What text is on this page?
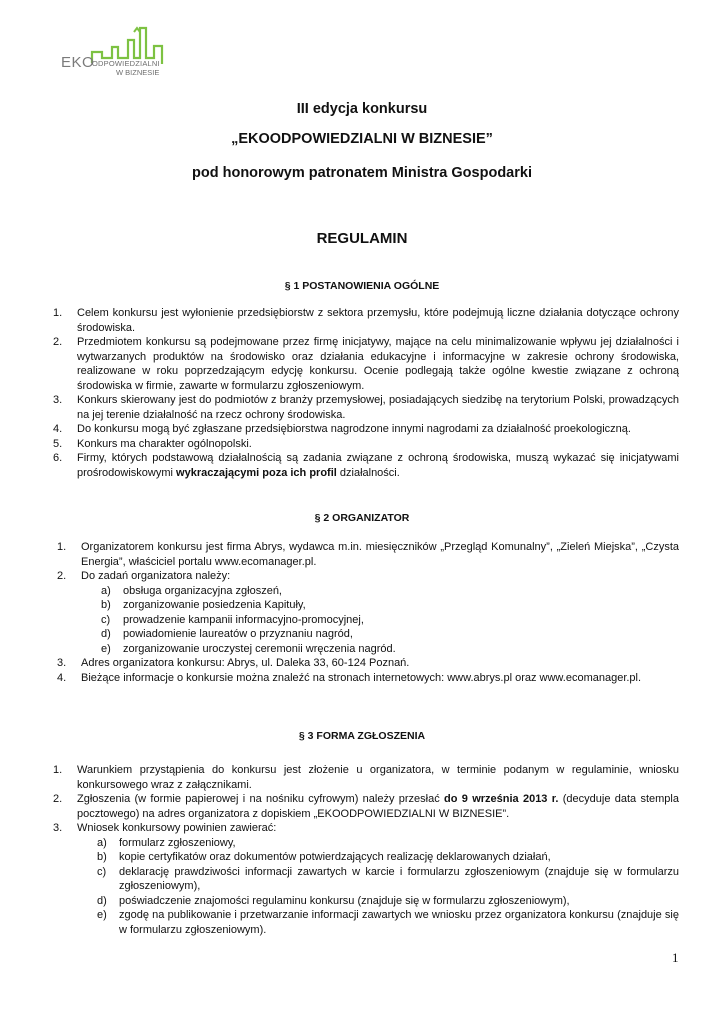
EKO
ODPOWIEDZIALNI
W BIZNESIE
III edycja konkursu
„EKOODPOWIEDZIALNI W BIZNESIE”
pod honorowym patronatem Ministra Gospodarki
REGULAMIN
§ 1 POSTANOWIENIA OGÓLNE
1. Celem konkursu jest wyłonienie przedsiębiorstw z sektora przemysłu, które podejmują liczne działania dotyczące ochrony środowiska.
2. Przedmiotem konkursu są podejmowane przez firmę inicjatywy, mające na celu minimalizowanie wpływu jej działalności i wytwarzanych produktów na środowisko oraz działania edukacyjne i informacyjne w zakresie ochrony środowiska, realizowane w roku poprzedzającym edycję konkursu. Ocenie podlegają także ogólne kwestie związane z ochroną środowiska w firmie, zawarte w formularzu zgłoszeniowym.
3. Konkurs skierowany jest do podmiotów z branży przemysłowej, posiadających siedzibę na terytorium Polski, prowadzących na jej terenie działalność na rzecz ochrony środowiska.
4. Do konkursu mogą być zgłaszane przedsiębiorstwa nagrodzone innymi nagrodami za działalność proekologiczną.
5. Konkurs ma charakter ogólnopolski.
6. Firmy, których podstawową działalnością są zadania związane z ochroną środowiska, muszą wykazać się inicjatywami prośrodowiskowymi wykraczającymi poza ich profil działalności.
§ 2 ORGANIZATOR
1. Organizatorem konkursu jest firma Abrys, wydawca m.in. miesięczników „Przegląd Komunalny”, „Zieleń Miejska”, „Czysta Energia”, właściciel portalu www.ecomanager.pl.
2. Do zadań organizatora należy:
a) obsługa organizacyjna zgłoszeń,
b) zorganizowanie posiedzenia Kapituły,
c) prowadzenie kampanii informacyjno-promocyjnej,
d) powiadomienie laureatów o przyznaniu nagród,
e) zorganizowanie uroczystej ceremonii wręczenia nagród.
3. Adres organizatora konkursu: Abrys, ul. Daleka 33, 60-124 Poznań.
4. Bieżące informacje o konkursie można znaleźć na stronach internetowych: www.abrys.pl oraz www.ecomanager.pl.
§ 3 FORMA ZGŁOSZENIA
1. Warunkiem przystąpienia do konkursu jest złożenie u organizatora, w terminie podanym w regulaminie, wniosku konkursowego wraz z załącznikami.
2. Zgłoszenia (w formie papierowej i na nośniku cyfrowym) należy przesłać do 9 września 2013 r. (decyduje data stempla pocztowego) na adres organizatora z dopiskiem „EKOODPOWIEDZIALNI W BIZNESIE”.
3. Wniosek konkursowy powinien zawierać:
a) formularz zgłoszeniowy,
b) kopie certyfikatów oraz dokumentów potwierdzających realizację deklarowanych działań,
c) deklarację prawdziwości informacji zawartych w karcie i formularzu zgłoszeniowym (znajduje się w formularzu zgłoszeniowym),
d) poświadczenie znajomości regulaminu konkursu (znajduje się w formularzu zgłoszeniowym),
e) zgodę na publikowanie i przetwarzanie informacji zawartych we wniosku przez organizatora konkursu (znajduje się w formularzu zgłoszeniowym).
1
